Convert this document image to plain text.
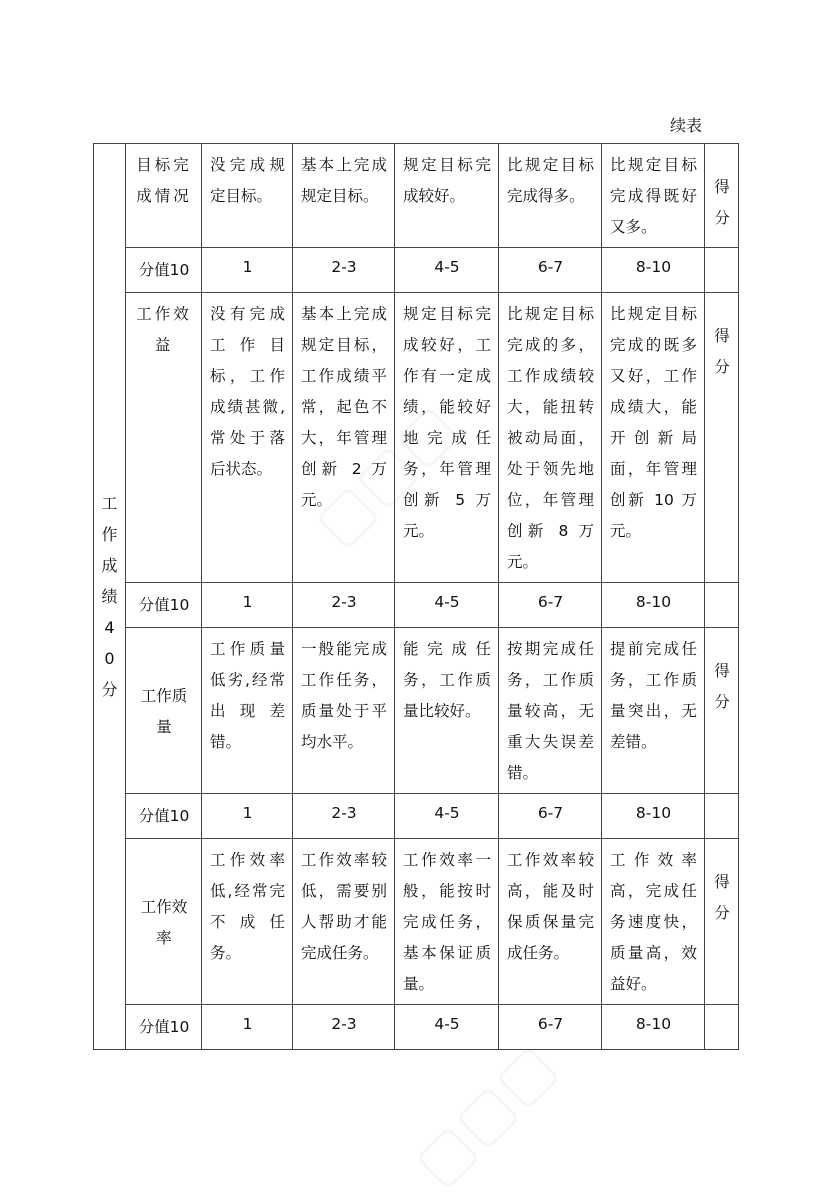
续表
工作成绩40分	目标完成情况	没完成规定目标。	基本上完成规定目标。	规定目标完成较好。	比规定目标完成得多。	比规定目标完成得既好又多。	得分
	分值10	1	2-3	4-5	6-7	8-10	
	工作效益	没有完成工作目标，工作成绩甚微,常处于落后状态。	基本上完成规定目标，工作成绩平常，起色不大，年管理创新 2 万元。	规定目标完成较好，工作有一定成绩，能较好地完成任务，年管理创新 5 万元。	比规定目标完成的多，工作成绩较大，能扭转被动局面，处于领先地位，年管理创新 8 万元。	比规定目标完成的既多又好，工作成绩大，能开创新局面，年管理创新 10 万元。	得分
	分值10	1	2-3	4-5	6-7	8-10	
	工作质量	工作质量低劣,经常出现差错。	一般能完成工作任务，质量处于平均水平。	能完成任务，工作质量比较好。	按期完成任务，工作质量较高，无重大失误差错。	提前完成任务，工作质量突出，无差错。	得分
	分值10	1	2-3	4-5	6-7	8-10	
	工作效率	工作效率低,经常完不成任务。	工作效率较低，需要别人帮助才能完成任务。	工作效率一般，能按时完成任务，基本保证质量。	工作效率较高，能及时保质保量完成任务。	工作效率高，完成任务速度快，质量高，效益好。	得分
	分值10	1	2-3	4-5	6-7	8-10	
